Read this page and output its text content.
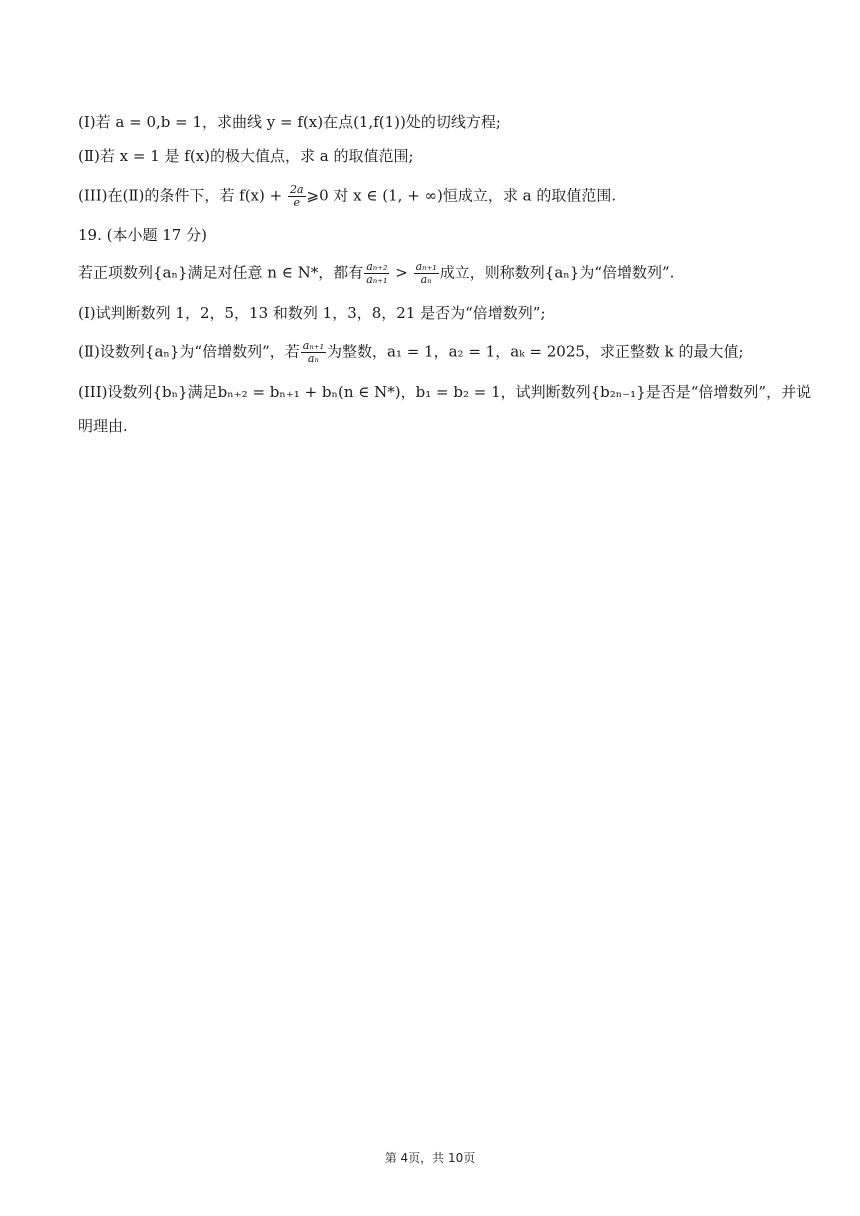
(Ⅰ)若 a = 0,b = 1，求曲线 y = f(x)在点(1,f(1))处的切线方程;
(Ⅱ)若 x = 1 是 f(x)的极大值点，求 a 的取值范围;
(III)在(Ⅱ)的条件下，若 $f(x) + \frac{2a}{e}$ ⩾0 对 x ∈ (1, + ∞)恒成立，求 a 的取值范围.
19. (本小题 17 分)
若正项数列{aₙ}满足对任意 n ∈ N*，都有 $\frac{\text{aₙ₊₂}}{\text{aₙ₊₁}} > \frac{\text{aₙ₊₁}}{\text{aₙ}}$ 成立，则称数列{aₙ}为“倍增数列”.
(Ⅰ)试判断数列 1，2，5，13 和数列 1，3，8，21 是否为“倍增数列”;
(Ⅱ)设数列{aₙ}为“倍增数列”，若 $\frac{\text{aₙ₊₁}}{\text{aₙ}}$ 为整数，a₁ = 1，a₂ = 1，aₖ = 2025，求正整数 k 的最大值;
(III)设数列{bₙ}满足bₙ₊₂ = bₙ₊₁ + bₙ(n ∈ N*)，b₁ = b₂ = 1，试判断数列{b₂ₙ₋₁}是否是“倍增数列”，并说
明理由.
第 4页，共 10页
